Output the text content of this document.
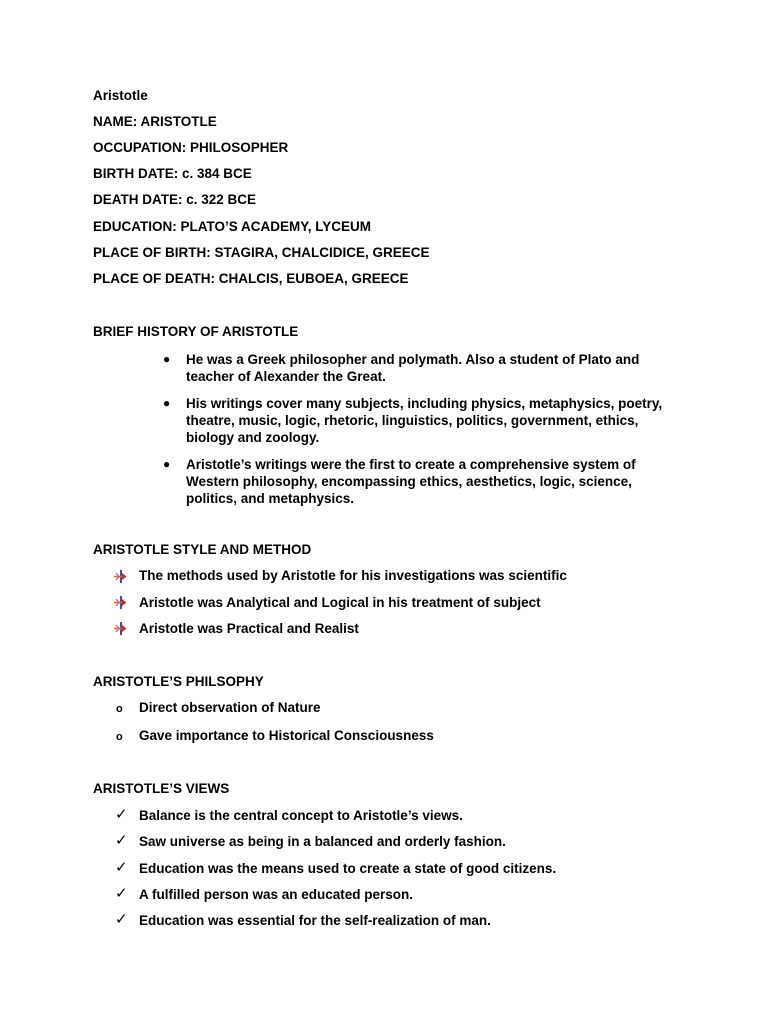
Aristotle
NAME: ARISTOTLE
OCCUPATION: PHILOSOPHER
BIRTH DATE: c. 384 BCE
DEATH DATE: c. 322 BCE
EDUCATION: PLATO’S ACADEMY, LYCEUM
PLACE OF BIRTH: STAGIRA, CHALCIDICE, GREECE
PLACE OF DEATH: CHALCIS, EUBOEA, GREECE
BRIEF HISTORY OF ARISTOTLE
● He was a Greek philosopher and polymath. Also a student of Plato and teacher of Alexander the Great.
● His writings cover many subjects, including physics, metaphysics, poetry, theatre, music, logic, rhetoric, linguistics, politics, government, ethics, biology and zoology.
● Aristotle’s writings were the first to create a comprehensive system of Western philosophy, encompassing ethics, aesthetics, logic, science, politics, and metaphysics.
ARISTOTLE STYLE AND METHOD
The methods used by Aristotle for his investigations was scientific
Aristotle was Analytical and Logical in his treatment of subject
Aristotle was Practical and Realist
ARISTOTLE’S PHILSOPHY
o Direct observation of Nature
o Gave importance to Historical Consciousness
ARISTOTLE’S VIEWS
✓ Balance is the central concept to Aristotle’s views.
✓ Saw universe as being in a balanced and orderly fashion.
✓ Education was the means used to create a state of good citizens.
✓ A fulfilled person was an educated person.
✓ Education was essential for the self-realization of man.
